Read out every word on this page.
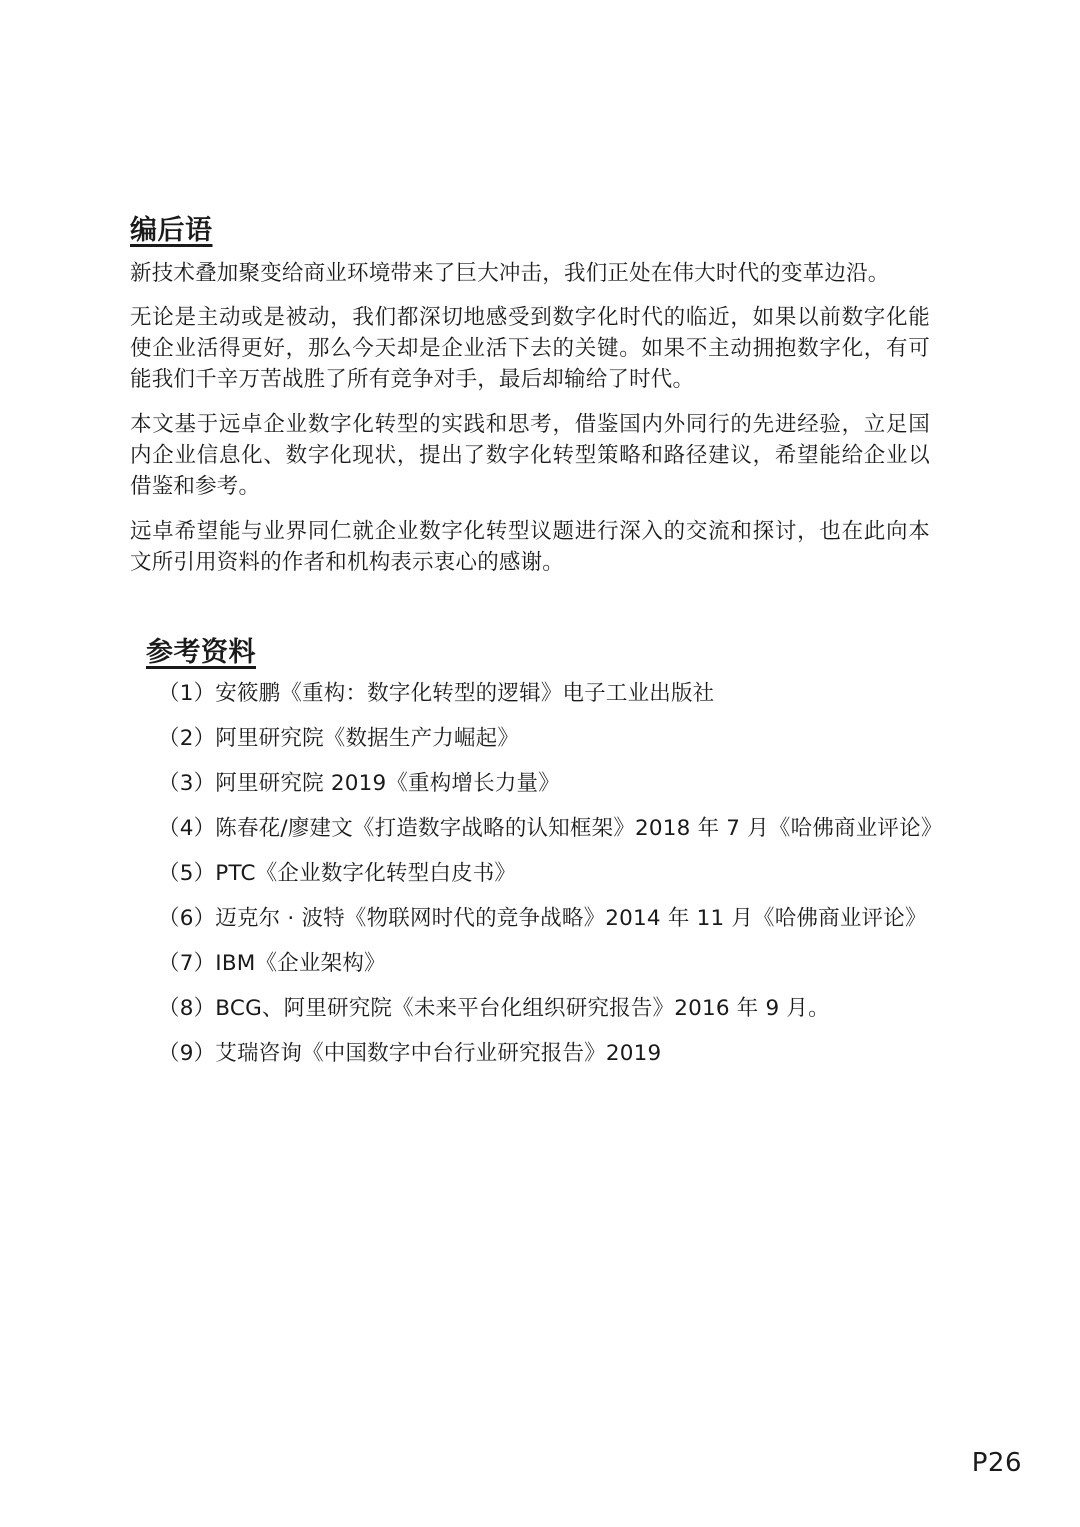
编后语

新技术叠加聚变给商业环境带来了巨大冲击，我们正处在伟大时代的变革边沿。

无论是主动或是被动，我们都深切地感受到数字化时代的临近，如果以前数字化能使企业活得更好，那么今天却是企业活下去的关键。如果不主动拥抱数字化，有可能我们千辛万苦战胜了所有竞争对手，最后却输给了时代。

本文基于远卓企业数字化转型的实践和思考，借鉴国内外同行的先进经验，立足国内企业信息化、数字化现状，提出了数字化转型策略和路径建议，希望能给企业以借鉴和参考。

远卓希望能与业界同仁就企业数字化转型议题进行深入的交流和探讨，也在此向本文所引用资料的作者和机构表示衷心的感谢。

参考资料
（1）安筱鹏《重构：数字化转型的逻辑》电子工业出版社
（2）阿里研究院《数据生产力崛起》
（3）阿里研究院 2019《重构增长力量》
（4）陈春花/廖建文《打造数字战略的认知框架》2018 年 7 月《哈佛商业评论》
（5）PTC《企业数字化转型白皮书》
（6）迈克尔 · 波特《物联网时代的竞争战略》2014 年 11 月《哈佛商业评论》
（7）IBM《企业架构》
（8）BCG、阿里研究院《未来平台化组织研究报告》2016 年 9 月。
（9）艾瑞咨询《中国数字中台行业研究报告》2019
P26
